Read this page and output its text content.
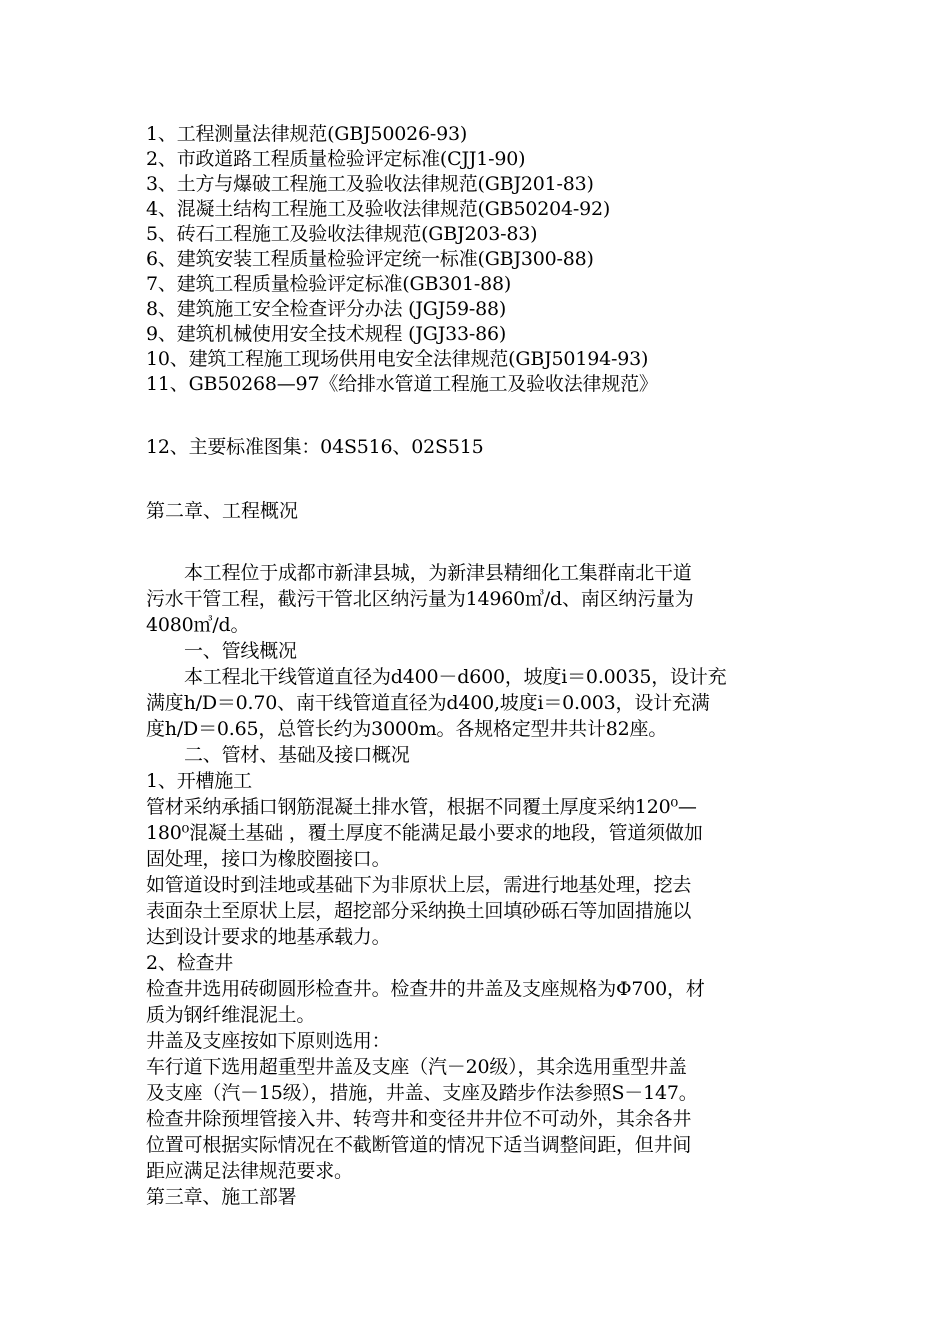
1、工程测量法律规范(GBJ50026-93)
2、市政道路工程质量检验评定标准(CJJ1-90)
3、土方与爆破工程施工及验收法律规范(GBJ201-83)
4、混凝土结构工程施工及验收法律规范(GB50204-92)
5、砖石工程施工及验收法律规范(GBJ203-83)
6、建筑安装工程质量检验评定统一标准(GBJ300-88)
7、建筑工程质量检验评定标准(GB301-88)
8、建筑施工安全检查评分办法 (JGJ59-88)
9、建筑机械使用安全技术规程 (JGJ33-86)
10、建筑工程施工现场供用电安全法律规范(GBJ50194-93)
11、GB50268—97《给排水管道工程施工及验收法律规范》
12、主要标准图集：04S516、02S515
第二章、工程概况
本工程位于成都市新津县城，为新津县精细化工集群南北干道
污水干管工程，截污干管北区纳污量为14960㎥/d、南区纳污量为
4080㎥/d。
一、管线概况
本工程北干线管道直径为d400－d600，坡度i＝0.0035，设计充
满度h/D＝0.70、南干线管道直径为d400,坡度i＝0.003，设计充满
度h/D＝0.65，总管长约为3000m。各规格定型井共计82座。
二、管材、基础及接口概况
1、开槽施工
管材采纳承插口钢筋混凝土排水管，根据不同覆土厚度采纳120⁰—
180⁰混凝土基础 ，覆土厚度不能满足最小要求的地段，管道须做加
固处理，接口为橡胶圈接口。
如管道设时到洼地或基础下为非原状上层，需进行地基处理，挖去
表面杂土至原状上层，超挖部分采纳换土回填砂砾石等加固措施以
达到设计要求的地基承载力。
2、检查井
检查井选用砖砌圆形检查井。检查井的井盖及支座规格为Φ700，材
质为钢纤维混泥土。
井盖及支座按如下原则选用：
车行道下选用超重型井盖及支座（汽－20级），其余选用重型井盖
及支座（汽－15级），措施，井盖、支座及踏步作法参照S－147。
检查井除预埋管接入井、转弯井和变径井井位不可动外，其余各井
位置可根据实际情况在不截断管道的情况下适当调整间距，但井间
距应满足法律规范要求。
第三章、施工部署
